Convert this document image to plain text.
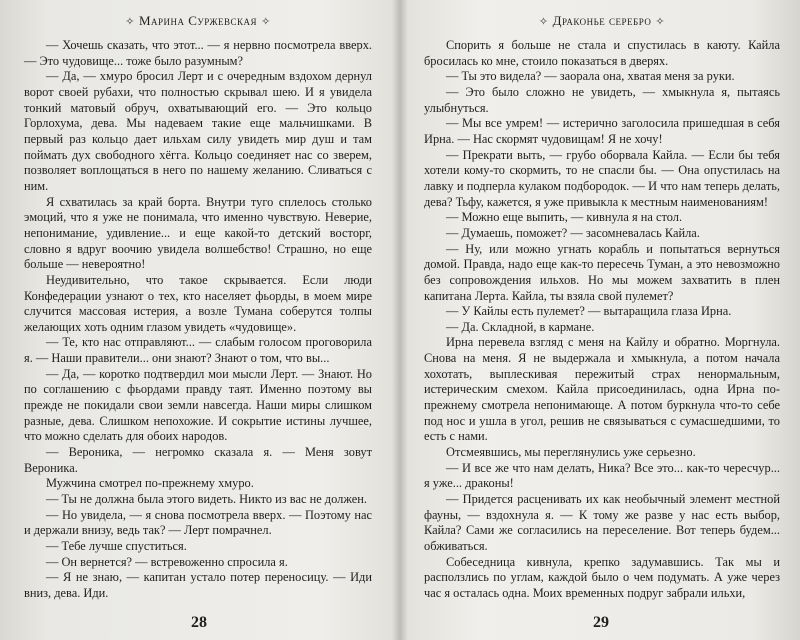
✧ Марина Суржевская ✧

— Хочешь сказать, что этот... — я нервно посмотрела вверх. — Это чудовище... тоже было разумным?

— Да, — хмуро бросил Лерт и с очередным вздохом дернул ворот своей рубахи, что полностью скрывал шею. И я увидела тонкий матовый обруч, охватывающий его. — Это кольцо Горлохума, дева. Мы надеваем такие еще мальчишками. В первый раз кольцо дает ильхам силу увидеть мир душ и там поймать дух свободного хёгга. Кольцо соединяет нас со зверем, позволяет воплощаться в него по нашему желанию. Сливаться с ним.

Я схватилась за край борта. Внутри туго сплелось столько эмоций, что я уже не понимала, что именно чувствую. Неверие, непонимание, удивление... и еще какой-то детский восторг, словно я вдруг воочию увидела волшебство! Страшно, но еще больше — невероятно!

Неудивительно, что такое скрывается. Если люди Конфедерации узнают о тех, кто населяет фьорды, в моем мире случится массовая истерия, а возле Тумана соберутся толпы желающих хоть одним глазом увидеть «чудовище».

— Те, кто нас отправляют... — слабым голосом проговорила я. — Наши правители... они знают? Знают о том, что вы...

— Да, — коротко подтвердил мои мысли Лерт. — Знают. Но по соглашению с фьордами правду таят. Именно поэтому вы прежде не покидали свои земли навсегда. Наши миры слишком разные, дева. Слишком непохожие. И сокрытие истины лучшее, что можно сделать для обоих народов.

— Вероника, — негромко сказала я. — Меня зовут Вероника.

Мужчина смотрел по-прежнему хмуро.

— Ты не должна была этого видеть. Никто из вас не должен.

— Но увидела, — я снова посмотрела вверх. — Поэтому нас и держали внизу, ведь так? — Лерт помрачнел.

— Тебе лучше спуститься.

— Он вернется? — встревоженно спросила я.

— Я не знаю, — капитан устало потер переносицу. — Иди вниз, дева. Иди.

28
✧ Драконье серебро ✧

Спорить я больше не стала и спустилась в каюту. Кайла бросилась ко мне, стоило показаться в дверях.

— Ты это видела? — заорала она, хватая меня за руки.

— Это было сложно не увидеть, — хмыкнула я, пытаясь улыбнуться.

— Мы все умрем! — истерично заголосила пришедшая в себя Ирна. — Нас скормят чудовищам! Я не хочу!

— Прекрати выть, — грубо оборвала Кайла. — Если бы тебя хотели кому-то скормить, то не спасли бы. — Она опустилась на лавку и подперла кулаком подбородок. — И что нам теперь делать, дева? Тьфу, кажется, я уже привыкла к местным наименованиям!

— Можно еще выпить, — кивнула я на стол.

— Думаешь, поможет? — засомневалась Кайла.

— Ну, или можно угнать корабль и попытаться вернуться домой. Правда, надо еще как-то пересечь Туман, а это невозможно без сопровождения ильхов. Но мы можем захватить в плен капитана Лерта. Кайла, ты взяла свой пулемет?

— У Кайлы есть пулемет? — вытаращила глаза Ирна.

— Да. Складной, в кармане.

Ирна перевела взгляд с меня на Кайлу и обратно. Моргнула. Снова на меня. Я не выдержала и хмыкнула, а потом начала хохотать, выплескивая пережитый страх ненормальным, истерическим смехом. Кайла присоединилась, одна Ирна по-прежнему смотрела непонимающе. А потом буркнула что-то себе под нос и ушла в угол, решив не связываться с сумасшедшими, то есть с нами.

Отсмеявшись, мы переглянулись уже серьезно.

— И все же что нам делать, Ника? Все это... как-то чересчур... я уже... драконы!

— Придется расценивать их как необычный элемент местной фауны, — вздохнула я. — К тому же разве у нас есть выбор, Кайла? Сами же согласились на переселение. Вот теперь будем... обживаться.

Собеседница кивнула, крепко задумавшись. Так мы и расползлись по углам, каждой было о чем подумать. А уже через час я осталась одна. Моих временных подруг забрали ильхи,

29
